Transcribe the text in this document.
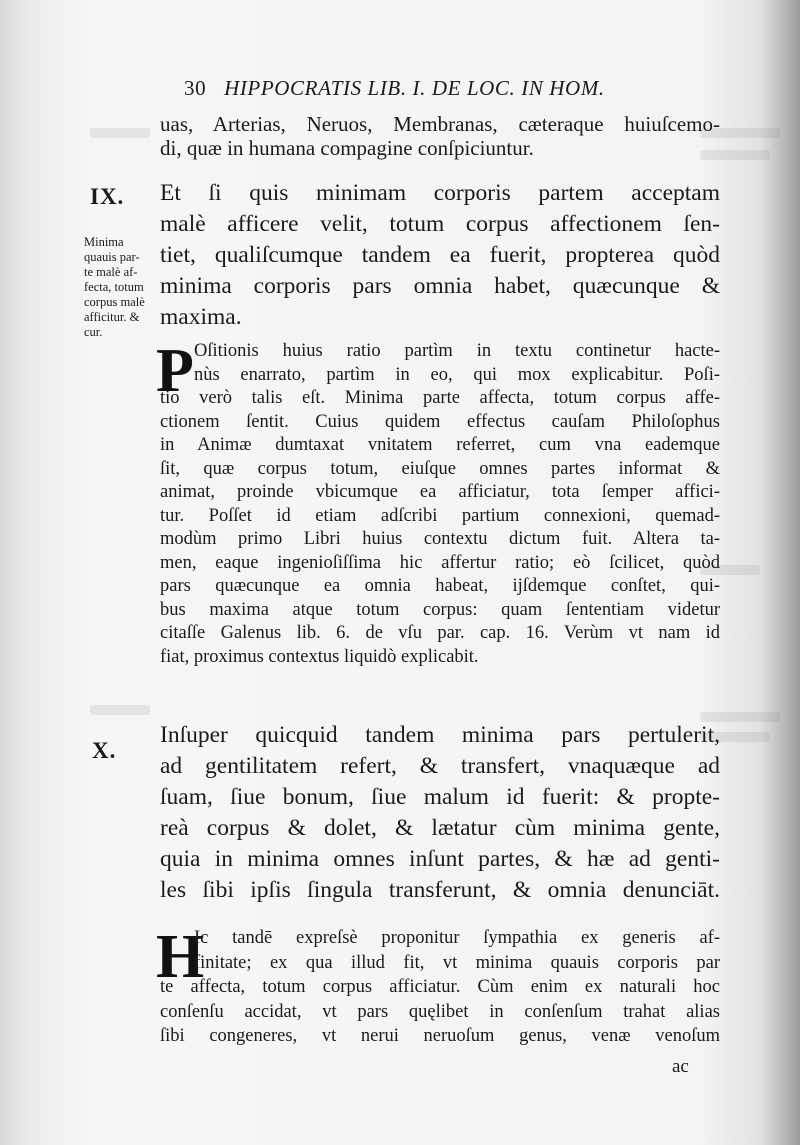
30 HIPPOCRATIS LIB. I. DE LOC. IN HOM.
uas, Arterias, Neruos, Membranas, cæteraque huiuſcemo-
di, quæ in humana compagine conſpiciuntur.
IX.
Minima
quauis par-
te malè af-
fecta, totum
corpus malè
afficitur. &
cur.
Et ſi quis minimam corporis partem acceptam
malè afficere velit, totum corpus affectionem ſen-
tiet, qualiſcumque tandem ea fuerit, propterea quòd
minima corporis pars omnia habet, quæcunque &
maxima.
P Oſitionis huius ratio partìm in textu continetur hacte-
nùs enarrato, partìm in eo, qui mox explicabitur. Poſi-
tio verò talis eſt. Minima parte affecta, totum corpus affe-
ctionem ſentit. Cuius quidem effectus cauſam Philoſophus
in Animæ dumtaxat vnitatem referret, cum vna eademque
ſit, quæ corpus totum, eiuſque omnes partes informat &
animat, proinde vbicumque ea afficiatur, tota ſemper affici-
tur. Poſſet id etiam adſcribi partium connexioni, quemad-
modùm primo Libri huius contextu dictum fuit. Altera ta-
men, eaque ingenioſiſſima hic affertur ratio; eò ſcilicet, quòd
pars quæcunque ea omnia habeat, ijſdemque conſtet, qui-
bus maxima atque totum corpus: quam ſententiam videtur
citaſſe Galenus lib. 6. de vſu par. cap. 16. Verùm vt nam id
fiat, proximus contextus liquidò explicabit.
X.
Inſuper quicquid tandem minima pars pertulerit,
ad gentilitatem refert, & transfert, vnaquæque ad
ſuam, ſiue bonum, ſiue malum id fuerit: & propte-
reà corpus & dolet, & lætatur cùm minima gente,
quia in minima omnes inſunt partes, & hæ ad genti-
les ſibi ipſis ſingula transferunt, & omnia denunciāt.
H
Ic tandē expreſsè proponitur ſympathia ex generis af-
finitate; ex qua illud fit, vt minima quauis corporis par
te affecta, totum corpus afficiatur. Cùm enim ex naturali hoc
conſenſu accidat, vt pars quęlibet in conſenſum trahat alias
ſibi congeneres, vt nerui neruoſum genus, venæ venoſum
ac
